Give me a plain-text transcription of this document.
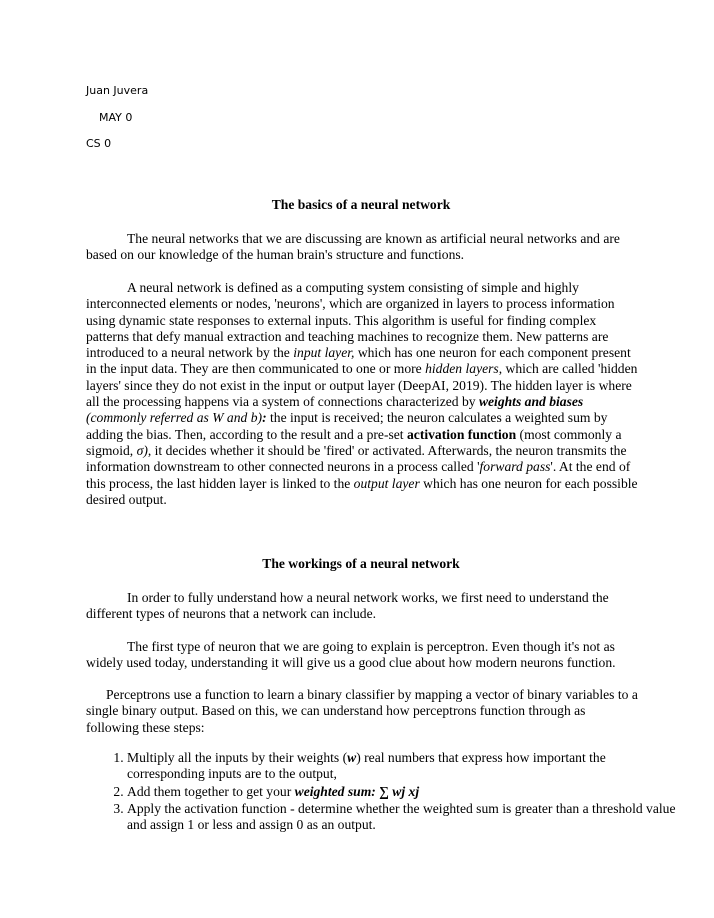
Juan Juvera
MAY 0
CS 0
The basics of a neural network

The neural networks that we are discussing are known as artificial neural networks and are based on our knowledge of the human brain's structure and functions.

A neural network is defined as a computing system consisting of simple and highly interconnected elements or nodes, 'neurons', which are organized in layers to process information using dynamic state responses to external inputs. This algorithm is useful for finding complex patterns that defy manual extraction and teaching machines to recognize them. New patterns are introduced to a neural network by the input layer, which has one neuron for each component present in the input data. They are then communicated to one or more hidden layers, which are called 'hidden layers' since they do not exist in the input or output layer (DeepAI, 2019). The hidden layer is where all the processing happens via a system of connections characterized by weights and biases (commonly referred as W and b): the input is received; the neuron calculates a weighted sum by adding the bias. Then, according to the result and a pre-set activation function (most commonly a sigmoid, σ), it decides whether it should be 'fired' or activated. Afterwards, the neuron transmits the information downstream to other connected neurons in a process called 'forward pass'. At the end of this process, the last hidden layer is linked to the output layer which has one neuron for each possible desired output.

The workings of a neural network

In order to fully understand how a neural network works, we first need to understand the different types of neurons that a network can include.

The first type of neuron that we are going to explain is perceptron. Even though it's not as widely used today, understanding it will give us a good clue about how modern neurons function.

Perceptrons use a function to learn a binary classifier by mapping a vector of binary variables to a single binary output. Based on this, we can understand how perceptrons function through as following these steps:

1. Multiply all the inputs by their weights (w) real numbers that express how important the corresponding inputs are to the output,
2. Add them together to get your weighted sum: ∑ wj xj
3. Apply the activation function - determine whether the weighted sum is greater than a threshold value and assign 1 or less and assign 0 as an output.
